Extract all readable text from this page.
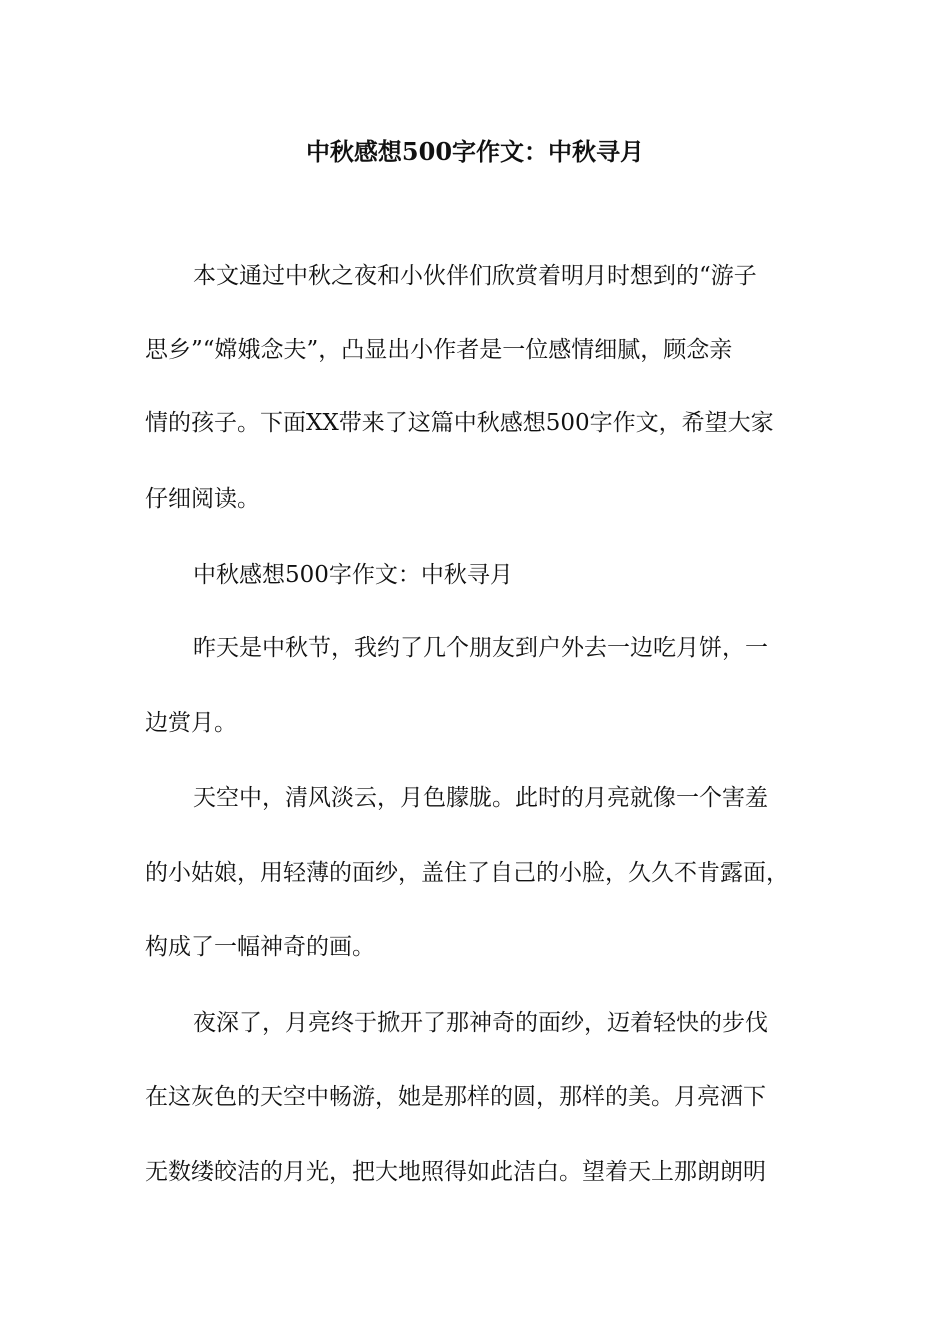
中秋感想500字作文：中秋寻月

本文通过中秋之夜和小伙伴们欣赏着明月时想到的“游子

思乡”“嫦娥念夫”，凸显出小作者是一位感情细腻，顾念亲

情的孩子。下面XX带来了这篇中秋感想500字作文，希望大家

仔细阅读。

中秋感想500字作文：中秋寻月

昨天是中秋节，我约了几个朋友到户外去一边吃月饼，一

边赏月。

天空中，清风淡云，月色朦胧。此时的月亮就像一个害羞

的小姑娘，用轻薄的面纱，盖住了自己的小脸，久久不肯露面，

构成了一幅神奇的画。

夜深了，月亮终于掀开了那神奇的面纱，迈着轻快的步伐

在这灰色的天空中畅游，她是那样的圆，那样的美。月亮洒下

无数缕皎洁的月光，把大地照得如此洁白。望着天上那朗朗明
